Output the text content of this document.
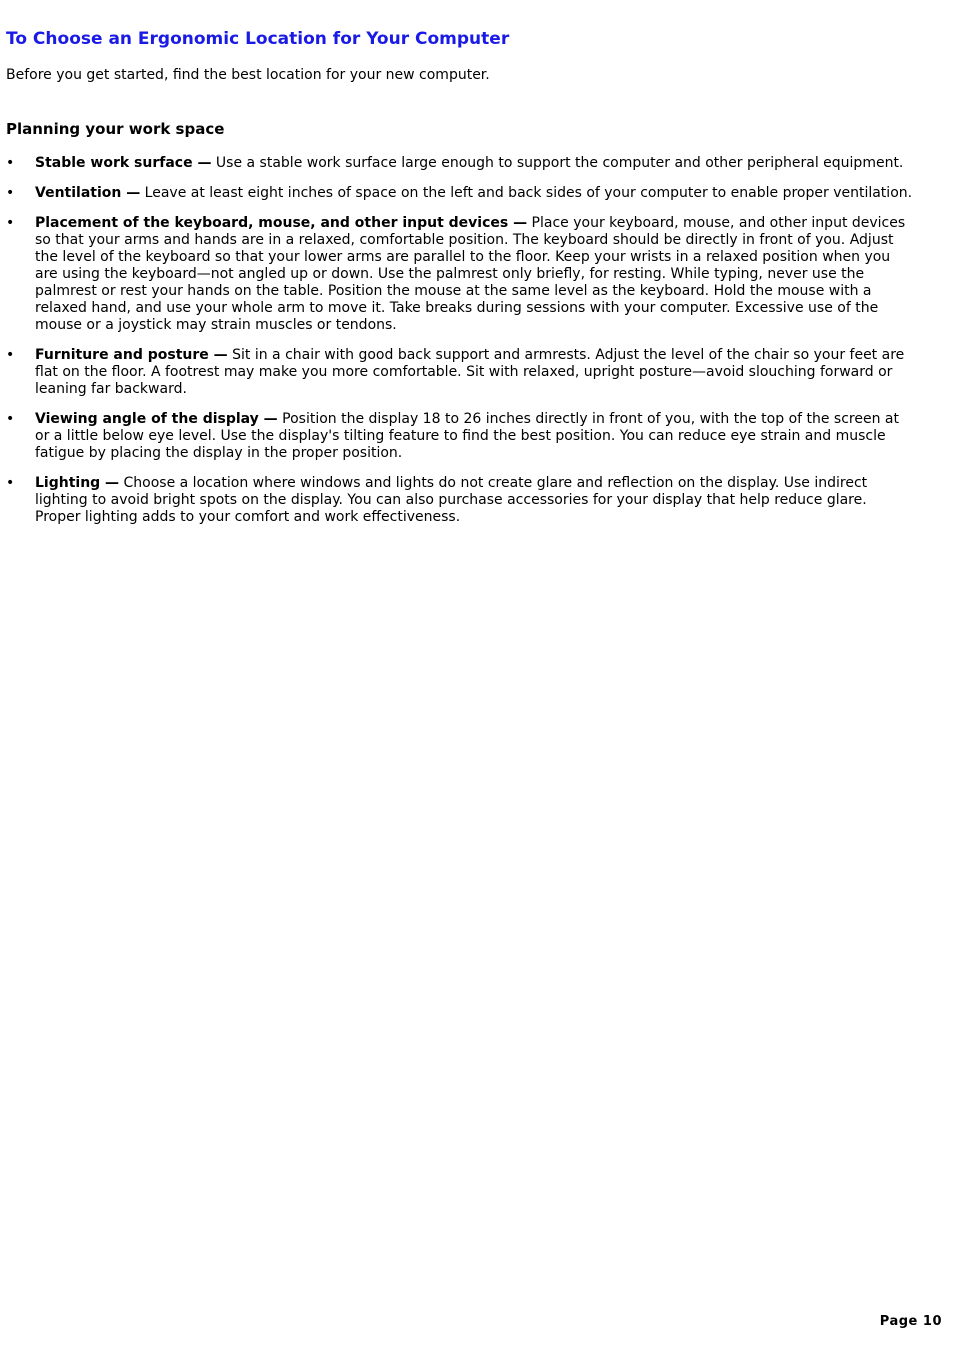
To Choose an Ergonomic Location for Your Computer

Before you get started, find the best location for your new computer.

Planning your work space
• Stable work surface — Use a stable work surface large enough to support the computer and other peripheral equipment.
• Ventilation — Leave at least eight inches of space on the left and back sides of your computer to enable proper ventilation.
• Placement of the keyboard, mouse, and other input devices — Place your keyboard, mouse, and other input devices so that your arms and hands are in a relaxed, comfortable position. The keyboard should be directly in front of you. Adjust the level of the keyboard so that your lower arms are parallel to the floor. Keep your wrists in a relaxed position when you are using the keyboard—not angled up or down. Use the palmrest only briefly, for resting. While typing, never use the palmrest or rest your hands on the table. Position the mouse at the same level as the keyboard. Hold the mouse with a relaxed hand, and use your whole arm to move it. Take breaks during sessions with your computer. Excessive use of the mouse or a joystick may strain muscles or tendons.
• Furniture and posture — Sit in a chair with good back support and armrests. Adjust the level of the chair so your feet are flat on the floor. A footrest may make you more comfortable. Sit with relaxed, upright posture—avoid slouching forward or leaning far backward.
• Viewing angle of the display — Position the display 18 to 26 inches directly in front of you, with the top of the screen at or a little below eye level. Use the display's tilting feature to find the best position. You can reduce eye strain and muscle fatigue by placing the display in the proper position.
• Lighting — Choose a location where windows and lights do not create glare and reflection on the display. Use indirect lighting to avoid bright spots on the display. You can also purchase accessories for your display that help reduce glare. Proper lighting adds to your comfort and work effectiveness.
Page 10
